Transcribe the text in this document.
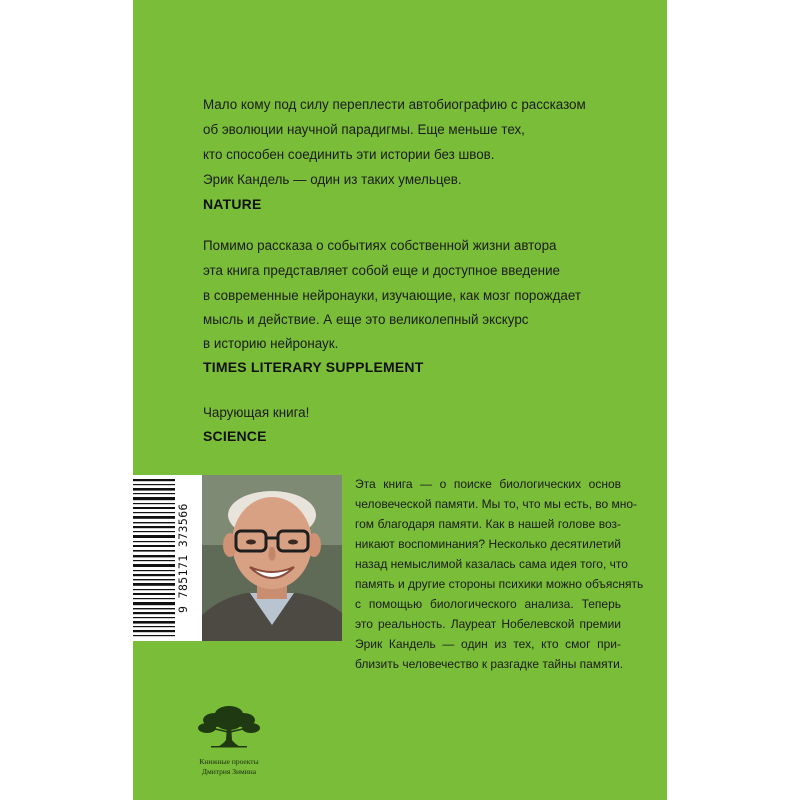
Мало кому под силу переплести автобиографию с рассказом
об эволюции научной парадигмы. Еще меньше тех,
кто способен соединить эти истории без швов.
Эрик Кандель — один из таких умельцев.
NATURE
Помимо рассказа о событиях собственной жизни автора
эта книга представляет собой еще и доступное введение
в современные нейронауки, изучающие, как мозг порождает
мысль и действие. А еще это великолепный экскурс
в историю нейронаук.
TIMES LITERARY SUPPLEMENT
Чарующая книга!
SCIENCE
9 785171 373566
Эта книга — о поиске биологических основ
человеческой памяти. Мы то, что мы есть, во мно-
гом благодаря памяти. Как в нашей голове воз-
никают воспоминания? Несколько десятилетий
назад немыслимой казалась сама идея того, что
память и другие стороны психики можно объяснять
с помощью биологического анализа. Теперь
это реальность. Лауреат Нобелевской премии
Эрик Кандель — один из тех, кто смог при-
близить человечество к разгадке тайны памяти.
Книжные проекты
Дмитрия Зимина
